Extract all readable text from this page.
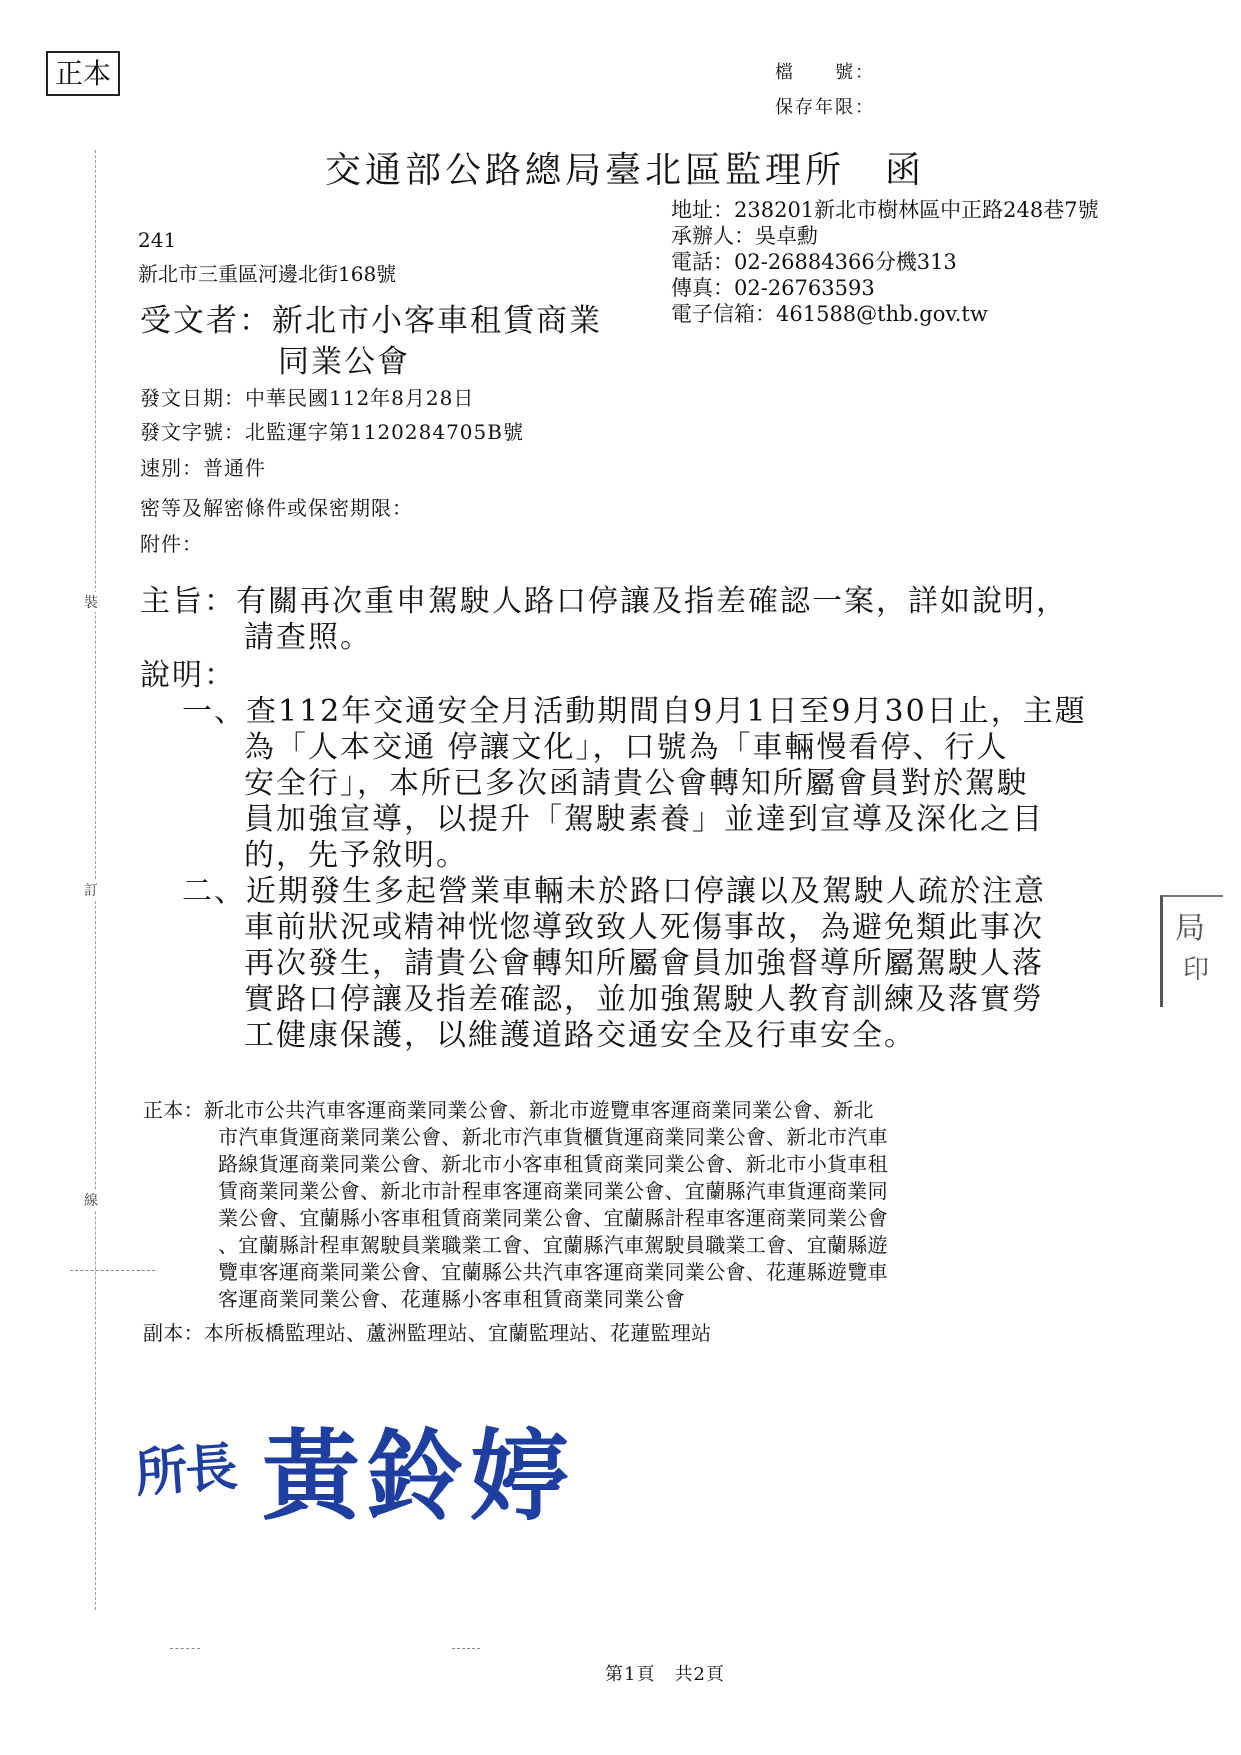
裝
訂
線
正本	檔　　號：
保存年限：
交通部公路總局臺北區監理所　函
地址：238201新北市樹林區中正路248巷7號
承辦人：吳卓勳
電話：02-26884366分機313
傳真：02-26763593
電子信箱：461588@thb.gov.tw
241
新北市三重區河邊北街168號
受文者：新北市小客車租賃商業
同業公會
發文日期：中華民國112年8月28日
發文字號：北監運字第1120284705B號
速別：普通件
密等及解密條件或保密期限：
附件：
主旨：有關再次重申駕駛人路口停讓及指差確認一案，詳如說明，
請查照。
說明：
一、查112年交通安全月活動期間自9月1日至9月30日止，主題
為「人本交通 停讓文化」，口號為「車輛慢看停、行人
安全行」，本所已多次函請貴公會轉知所屬會員對於駕駛
員加強宣導，以提升「駕駛素養」並達到宣導及深化之目
的，先予敘明。
二、近期發生多起營業車輛未於路口停讓以及駕駛人疏於注意
車前狀況或精神恍惚導致致人死傷事故，為避免類此事次
再次發生，請貴公會轉知所屬會員加強督導所屬駕駛人落
實路口停讓及指差確認，並加強駕駛人教育訓練及落實勞
工健康保護，以維護道路交通安全及行車安全。
正本：新北市公共汽車客運商業同業公會、新北市遊覽車客運商業同業公會、新北
市汽車貨運商業同業公會、新北市汽車貨櫃貨運商業同業公會、新北市汽車
路線貨運商業同業公會、新北市小客車租賃商業同業公會、新北市小貨車租
賃商業同業公會、新北市計程車客運商業同業公會、宜蘭縣汽車貨運商業同
業公會、宜蘭縣小客車租賃商業同業公會、宜蘭縣計程車客運商業同業公會
、宜蘭縣計程車駕駛員業職業工會、宜蘭縣汽車駕駛員職業工會、宜蘭縣遊
覽車客運商業同業公會、宜蘭縣公共汽車客運商業同業公會、花蓮縣遊覽車
客運商業同業公會、花蓮縣小客車租賃商業同業公會
副本：本所板橋監理站、蘆洲監理站、宜蘭監理站、花蓮監理站
所長 黃鈴婷
局
印
第1頁　共2頁
